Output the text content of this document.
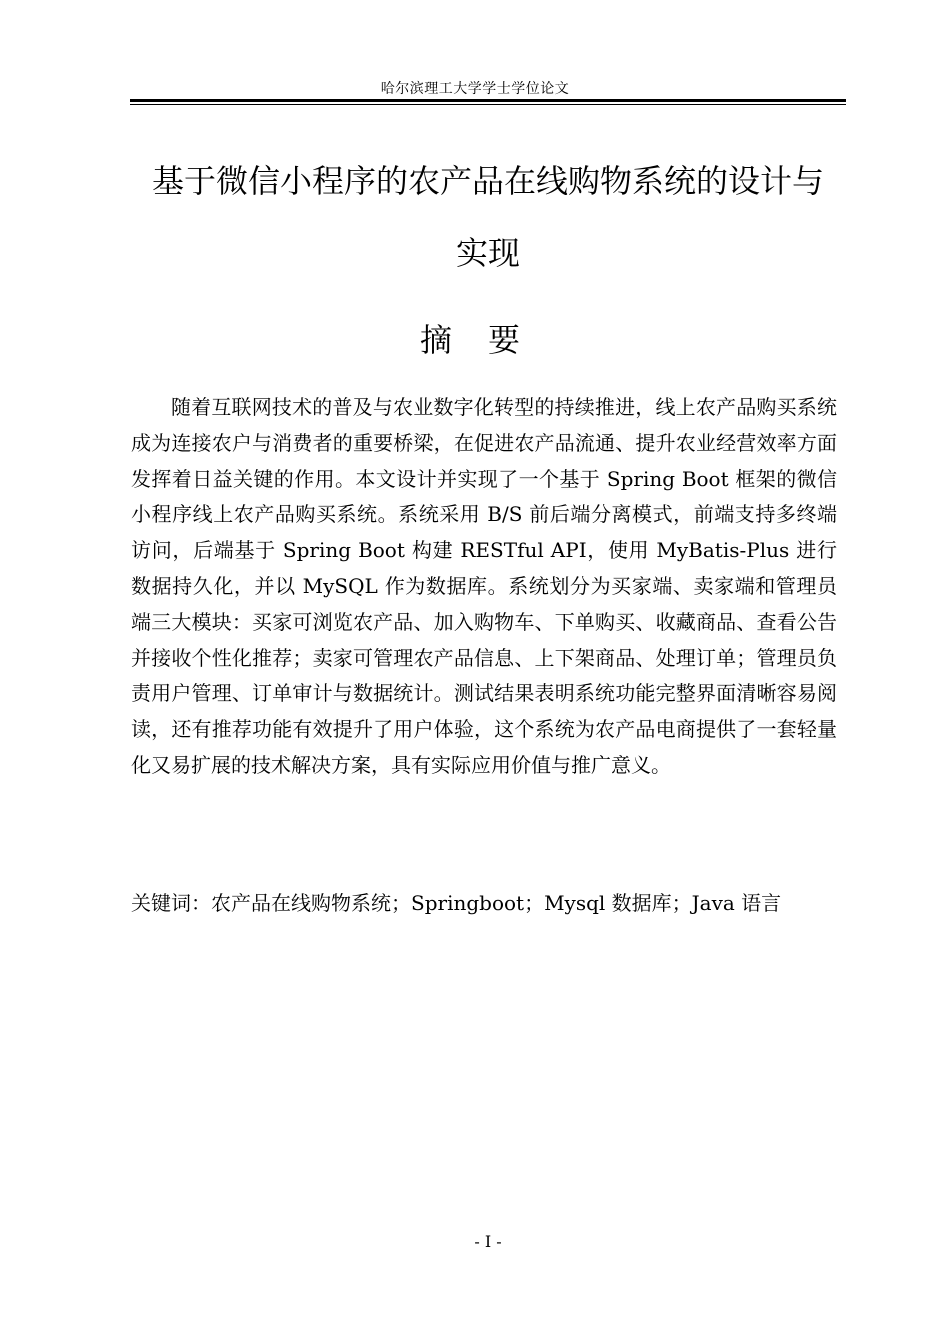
哈尔滨理工大学学士学位论文
基于微信小程序的农产品在线购物系统的设计与
实现
摘要
随着互联网技术的普及与农业数字化转型的持续推进，线上农产品购买系统成为连接农户与消费者的重要桥梁，在促进农产品流通、提升农业经营效率方面发挥着日益关键的作用。本文设计并实现了一个基于 Spring Boot 框架的微信小程序线上农产品购买系统。系统采用 B/S 前后端分离模式，前端支持多终端访问，后端基于 Spring Boot 构建 RESTful API，使用 MyBatis-Plus 进行数据持久化，并以 MySQL 作为数据库。系统划分为买家端、卖家端和管理员端三大模块：买家可浏览农产品、加入购物车、下单购买、收藏商品、查看公告并接收个性化推荐；卖家可管理农产品信息、上下架商品、处理订单；管理员负责用户管理、订单审计与数据统计。测试结果表明系统功能完整界面清晰容易阅读，还有推荐功能有效提升了用户体验，这个系统为农产品电商提供了一套轻量化又易扩展的技术解决方案，具有实际应用价值与推广意义。
关键词：农产品在线购物系统；Springboot；Mysql 数据库；Java 语言
- I -
